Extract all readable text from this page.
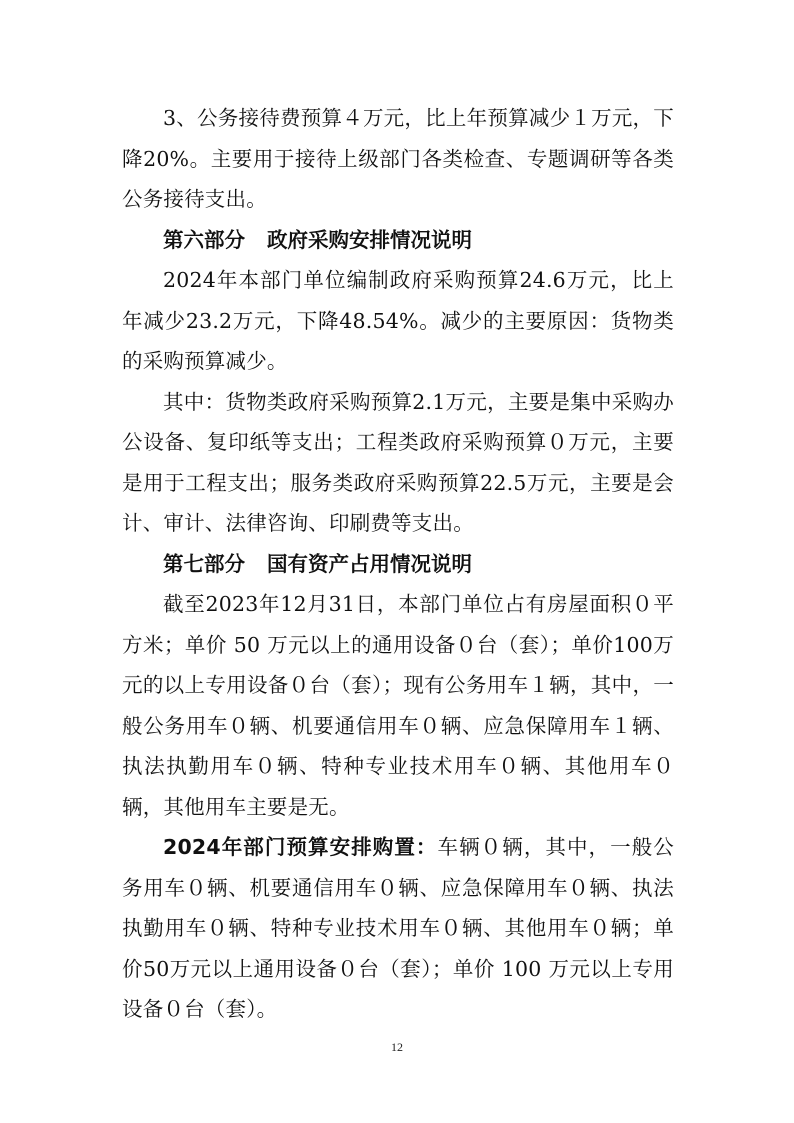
3、公务接待费预算４万元，比上年预算减少１万元，下降20%。主要用于接待上级部门各类检查、专题调研等各类公务接待支出。

第六部分 政府采购安排情况说明

2024年本部门单位编制政府采购预算24.6万元，比上年减少23.2万元，下降48.54%。减少的主要原因：货物类的采购预算减少。

其中：货物类政府采购预算2.1万元，主要是集中采购办公设备、复印纸等支出；工程类政府采购预算０万元，主要是用于工程支出；服务类政府采购预算22.5万元，主要是会计、审计、法律咨询、印刷费等支出。

第七部分 国有资产占用情况说明

截至2023年12月31日，本部门单位占有房屋面积０平方米；单价 50 万元以上的通用设备０台（套）；单价100万元的以上专用设备０台（套）；现有公务用车１辆，其中，一般公务用车０辆、机要通信用车０辆、应急保障用车１辆、执法执勤用车０辆、特种专业技术用车０辆、其他用车０辆，其他用车主要是无。

2024年部门预算安排购置：车辆０辆，其中，一般公务用车０辆、机要通信用车０辆、应急保障用车０辆、执法执勤用车０辆、特种专业技术用车０辆、其他用车０辆；单价50万元以上通用设备０台（套）；单价 100 万元以上专用设备０台（套）。

12
